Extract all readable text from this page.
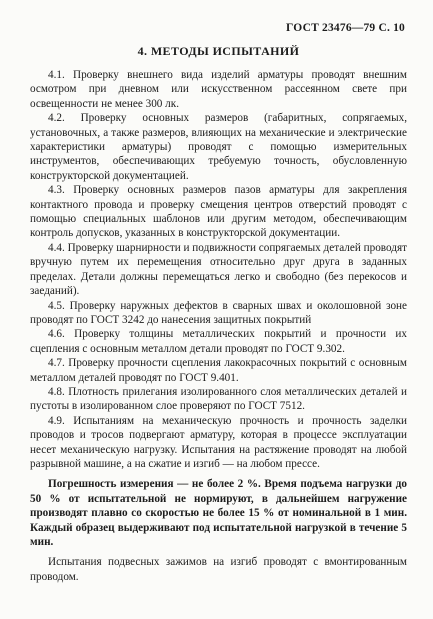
ГОСТ 23476—79 С. 10
4. МЕТОДЫ ИСПЫТАНИЙ

4.1. Проверку внешнего вида изделий арматуры проводят внешним осмотром при дневном или искусственном рассеянном свете при освещенности не менее 300 лк.

4.2. Проверку основных размеров (габаритных, сопрягаемых, установочных, а также размеров, влияющих на механические и электрические характеристики арматуры) проводят с помощью измерительных инструментов, обеспечивающих требуемую точность, обусловленную конструкторской документацией.

4.3. Проверку основных размеров пазов арматуры для закрепления контактного провода и проверку смещения центров отверстий проводят с помощью специальных шаблонов или другим методом, обеспечивающим контроль допусков, указанных в конструкторской документации.

4.4. Проверку шарнирности и подвижности сопрягаемых деталей проводят вручную путем их перемещения относительно друг друга в заданных пределах. Детали должны перемещаться легко и свободно (без перекосов и заеданий).

4.5. Проверку наружных дефектов в сварных швах и околошовной зоне проводят по ГОСТ 3242 до нанесения защитных покрытий

4.6. Проверку толщины металлических покрытий и прочности их сцепления с основным металлом детали проводят по ГОСТ 9.302.

4.7. Проверку прочности сцепления лакокрасочных покрытий с основным металлом деталей проводят по ГОСТ 9.401.

4.8. Плотность прилегания изолированного слоя металлических деталей и пустоты в изолированном слое проверяют по ГОСТ 7512.

4.9. Испытаниям на механическую прочность и прочность заделки проводов и тросов подвергают арматуру, которая в процессе эксплуатации несет механическую нагрузку. Испытания на растяжение проводят на любой разрывной машине, а на сжатие и изгиб — на любом прессе.

Погрешность измерения — не более 2 %. Время подъема нагрузки до 50 % от испытательной не нормируют, в дальнейшем нагружение производят плавно со скоростью не более 15 % от номинальной в 1 мин. Каждый образец выдерживают под испытательной нагрузкой в течение 5 мин.

Испытания подвесных зажимов на изгиб проводят с вмонтированным проводом.
